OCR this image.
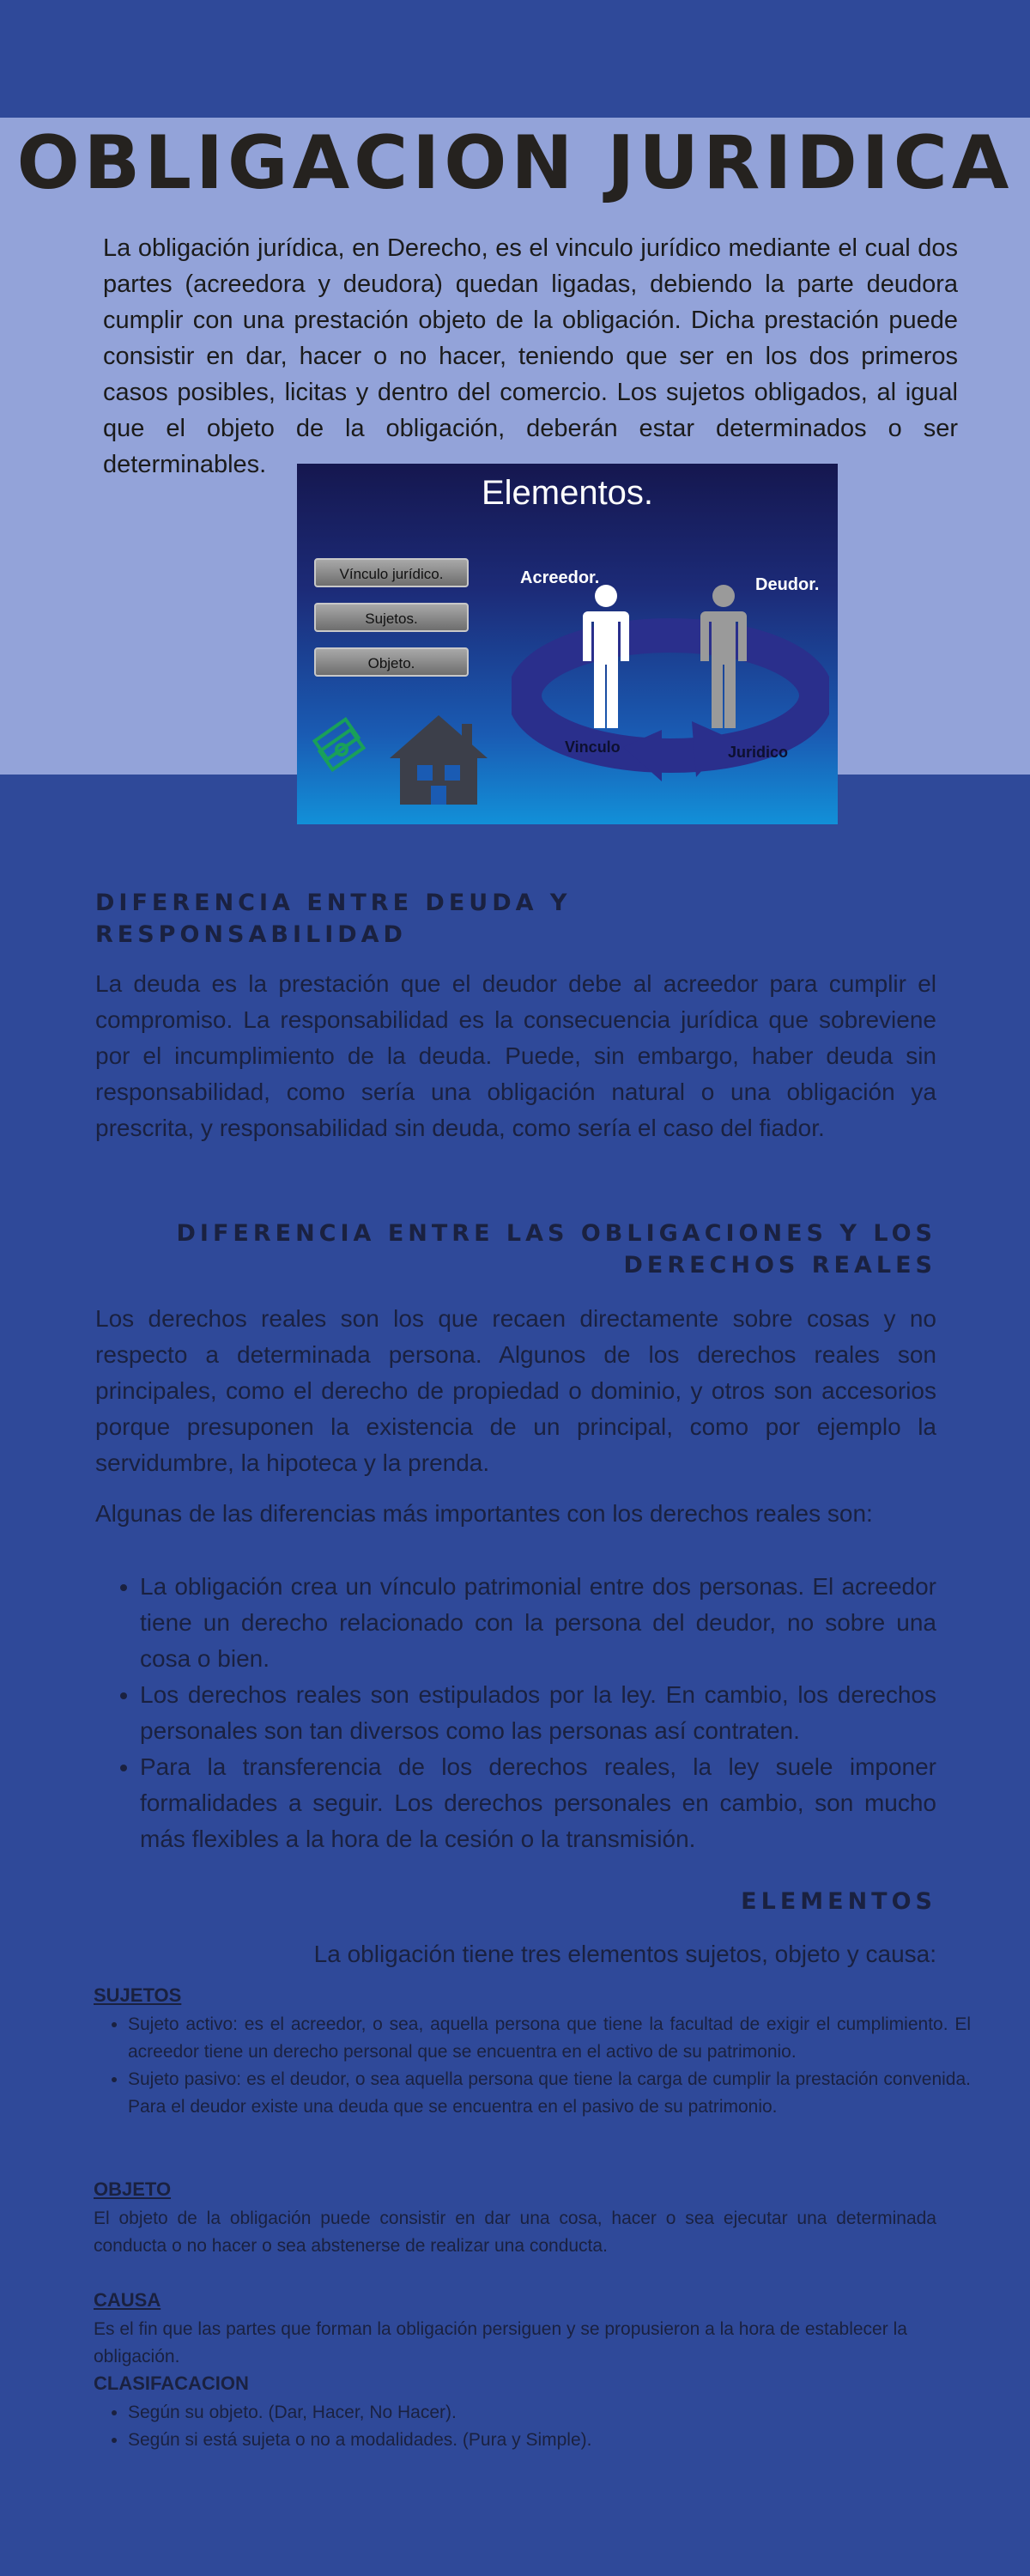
OBLIGACION JURIDICA

La obligación jurídica, en Derecho, es el vinculo jurídico mediante el cual dos partes (acreedora y deudora) quedan ligadas, debiendo la parte deudora cumplir con una prestación objeto de la obligación. Dicha prestación puede consistir en dar, hacer o no hacer, teniendo que ser en los dos primeros casos posibles, licitas y dentro del comercio. Los sujetos obligados, al igual que el objeto de la obligación, deberán estar determinados o ser determinables.

Elementos.
Vínculo jurídico.
Sujetos.
Objeto.
Acreedor.	Deudor.
Vinculo	Juridico
DIFERENCIA ENTRE DEUDA Y
RESPONSABILIDAD

La deuda es la prestación que el deudor debe al acreedor para cumplir el compromiso. La responsabilidad es la consecuencia jurídica que sobreviene por el incumplimiento de la deuda. Puede, sin embargo, haber deuda sin responsabilidad, como sería una obligación natural o una obligación ya prescrita, y responsabilidad sin deuda, como sería el caso del fiador.

DIFERENCIA ENTRE LAS OBLIGACIONES Y LOS
DERECHOS REALES

Los derechos reales son los que recaen directamente sobre cosas y no respecto a determinada persona. Algunos de los derechos reales son principales, como el derecho de propiedad o dominio, y otros son accesorios porque presuponen la existencia de un principal, como por ejemplo la servidumbre, la hipoteca y la prenda.

Algunas de las diferencias más importantes con los derechos reales son:

• La obligación crea un vínculo patrimonial entre dos personas. El acreedor tiene un derecho relacionado con la persona del deudor, no sobre una cosa o bien.
• Los derechos reales son estipulados por la ley. En cambio, los derechos personales son tan diversos como las personas así contraten.
• Para la transferencia de los derechos reales, la ley suele imponer formalidades a seguir. Los derechos personales en cambio, son mucho más flexibles a la hora de la cesión o la transmisión.
ELEMENTOS

La obligación tiene tres elementos sujetos, objeto y causa:

SUJETOS
• Sujeto activo: es el acreedor, o sea, aquella persona que tiene la facultad de exigir el cumplimiento. El acreedor tiene un derecho personal que se encuentra en el activo de su patrimonio.
• Sujeto pasivo: es el deudor, o sea aquella persona que tiene la carga de cumplir la prestación convenida. Para el deudor existe una deuda que se encuentra en el pasivo de su patrimonio.
OBJETO

El objeto de la obligación puede consistir en dar una cosa, hacer o sea ejecutar una determinada conducta o no hacer o sea abstenerse de realizar una conducta.

CAUSA

Es el fin que las partes que forman la obligación persiguen y se propusieron a la hora de establecer la obligación.

CLASIFACACION
• Según su objeto. (Dar, Hacer, No Hacer).
• Según si está sujeta o no a modalidades. (Pura y Simple).
